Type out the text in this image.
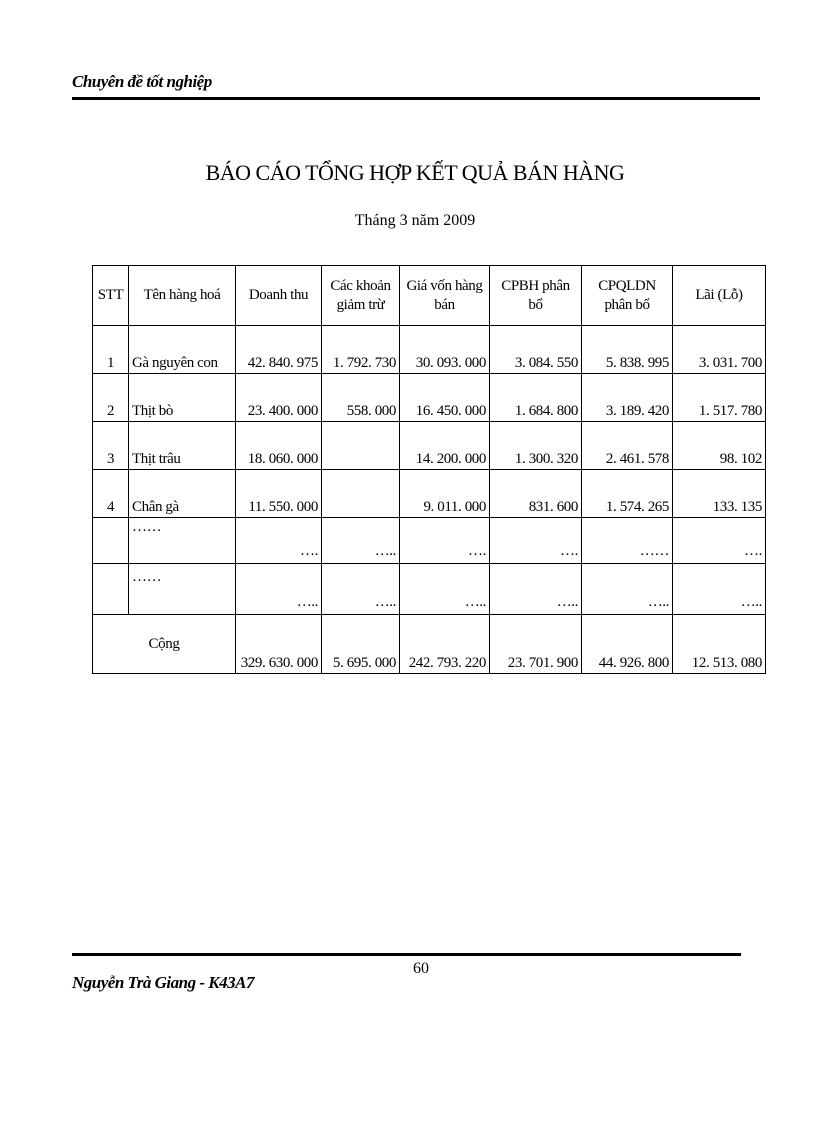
Chuyên đề tốt nghiệp
BÁO CÁO TỔNG HỢP KẾT QUẢ BÁN HÀNG
Tháng 3 năm 2009
STT	Tên hàng hoá	Doanh thu	Các khoản giảm trừ	Giá vốn hàng bán	CPBH phân bổ	CPQLDN phân bổ	Lãi (Lỗ)
1	Gà nguyên con	42. 840. 975	1. 792. 730	30. 093. 000	3. 084. 550	5. 838. 995	3. 031. 700
2	Thịt bò	23. 400. 000	558. 000	16. 450. 000	1. 684. 800	3. 189. 420	1. 517. 780
3	Thịt trâu	18. 060. 000		14. 200. 000	1. 300. 320	2. 461. 578	98. 102
4	Chân gà	11. 550. 000		9. 011. 000	831. 600	1. 574. 265	133. 135
	……	….	…..	….	….	……	….
	……	…..	…..	…..	…..	…..	…..
Cộng		329. 630. 000	5. 695. 000	242. 793. 220	23. 701. 900	44. 926. 800	12. 513. 080
60
Nguyễn Trà Giang - K43A7
